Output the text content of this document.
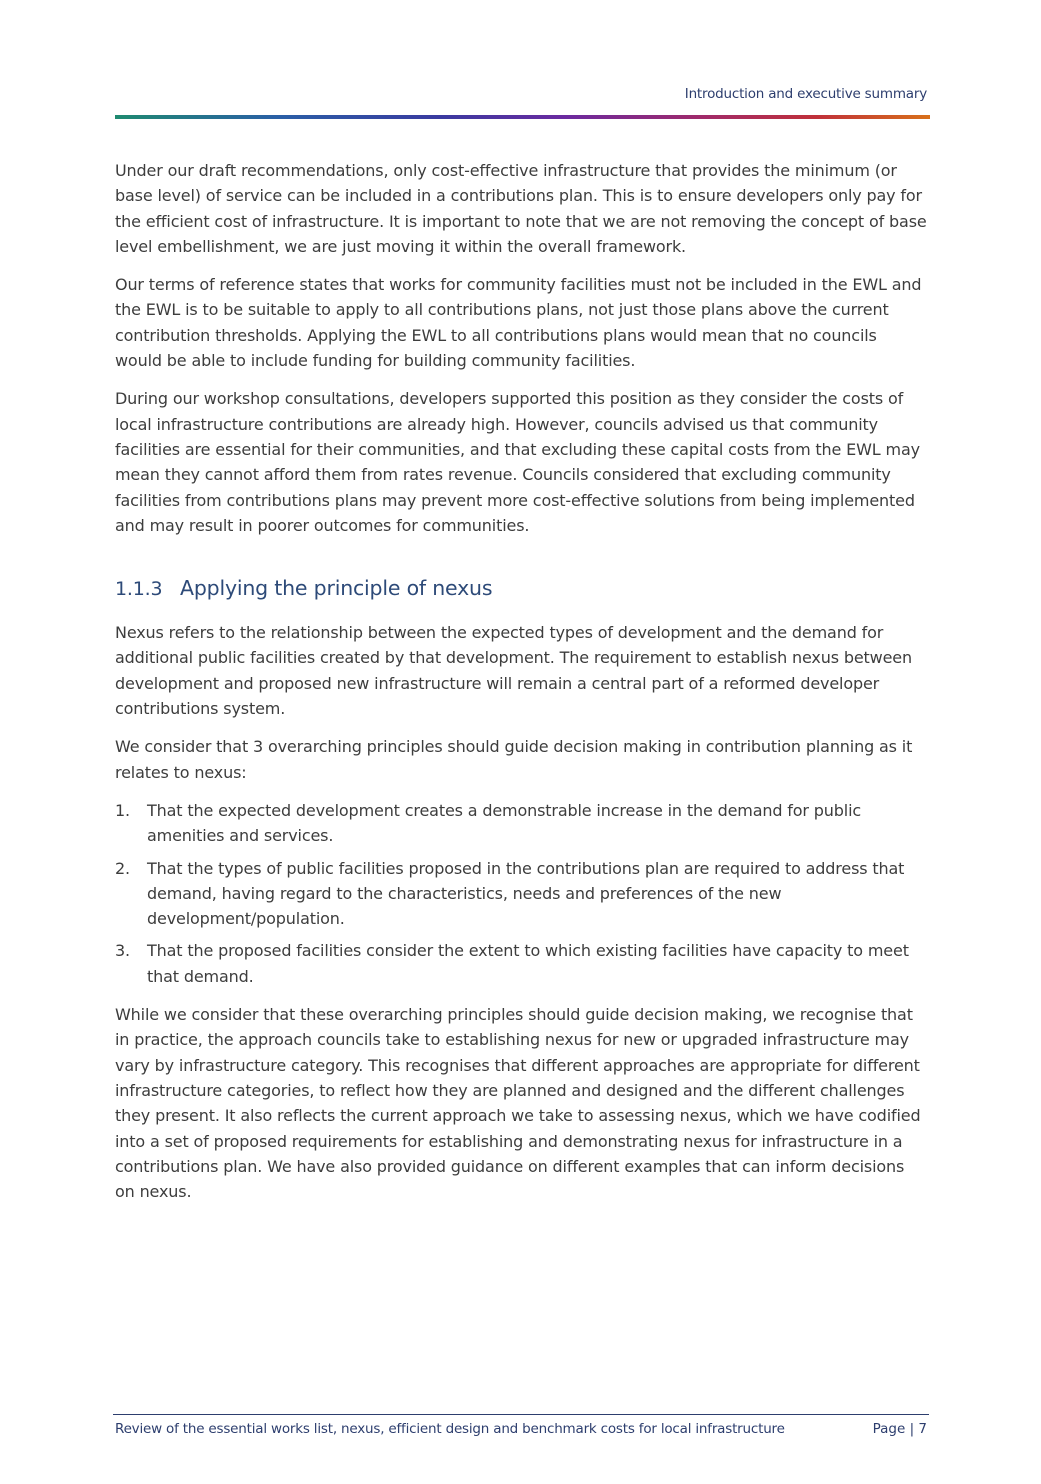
Introduction and executive summary

Under our draft recommendations, only cost-effective infrastructure that provides the minimum (or base level) of service can be included in a contributions plan. This is to ensure developers only pay for the efficient cost of infrastructure. It is important to note that we are not removing the concept of base level embellishment, we are just moving it within the overall framework.

Our terms of reference states that works for community facilities must not be included in the EWL and the EWL is to be suitable to apply to all contributions plans, not just those plans above the current contribution thresholds. Applying the EWL to all contributions plans would mean that no councils would be able to include funding for building community facilities.

During our workshop consultations, developers supported this position as they consider the costs of local infrastructure contributions are already high. However, councils advised us that community facilities are essential for their communities, and that excluding these capital costs from the EWL may mean they cannot afford them from rates revenue. Councils considered that excluding community facilities from contributions plans may prevent more cost-effective solutions from being implemented and may result in poorer outcomes for communities.

1.1.3 Applying the principle of nexus

Nexus refers to the relationship between the expected types of development and the demand for additional public facilities created by that development. The requirement to establish nexus between development and proposed new infrastructure will remain a central part of a reformed developer contributions system.

We consider that 3 overarching principles should guide decision making in contribution planning as it relates to nexus:

1.	That the expected development creates a demonstrable increase in the demand for public amenities and services.
2.	That the types of public facilities proposed in the contributions plan are required to address that demand, having regard to the characteristics, needs and preferences of the new development/population.
3.	That the proposed facilities consider the extent to which existing facilities have capacity to meet that demand.

While we consider that these overarching principles should guide decision making, we recognise that in practice, the approach councils take to establishing nexus for new or upgraded infrastructure may vary by infrastructure category. This recognises that different approaches are appropriate for different infrastructure categories, to reflect how they are planned and designed and the different challenges they present. It also reflects the current approach we take to assessing nexus, which we have codified into a set of proposed requirements for establishing and demonstrating nexus for infrastructure in a contributions plan. We have also provided guidance on different examples that can inform decisions on nexus.

Review of the essential works list, nexus, efficient design and benchmark costs for local infrastructure	Page | 7
